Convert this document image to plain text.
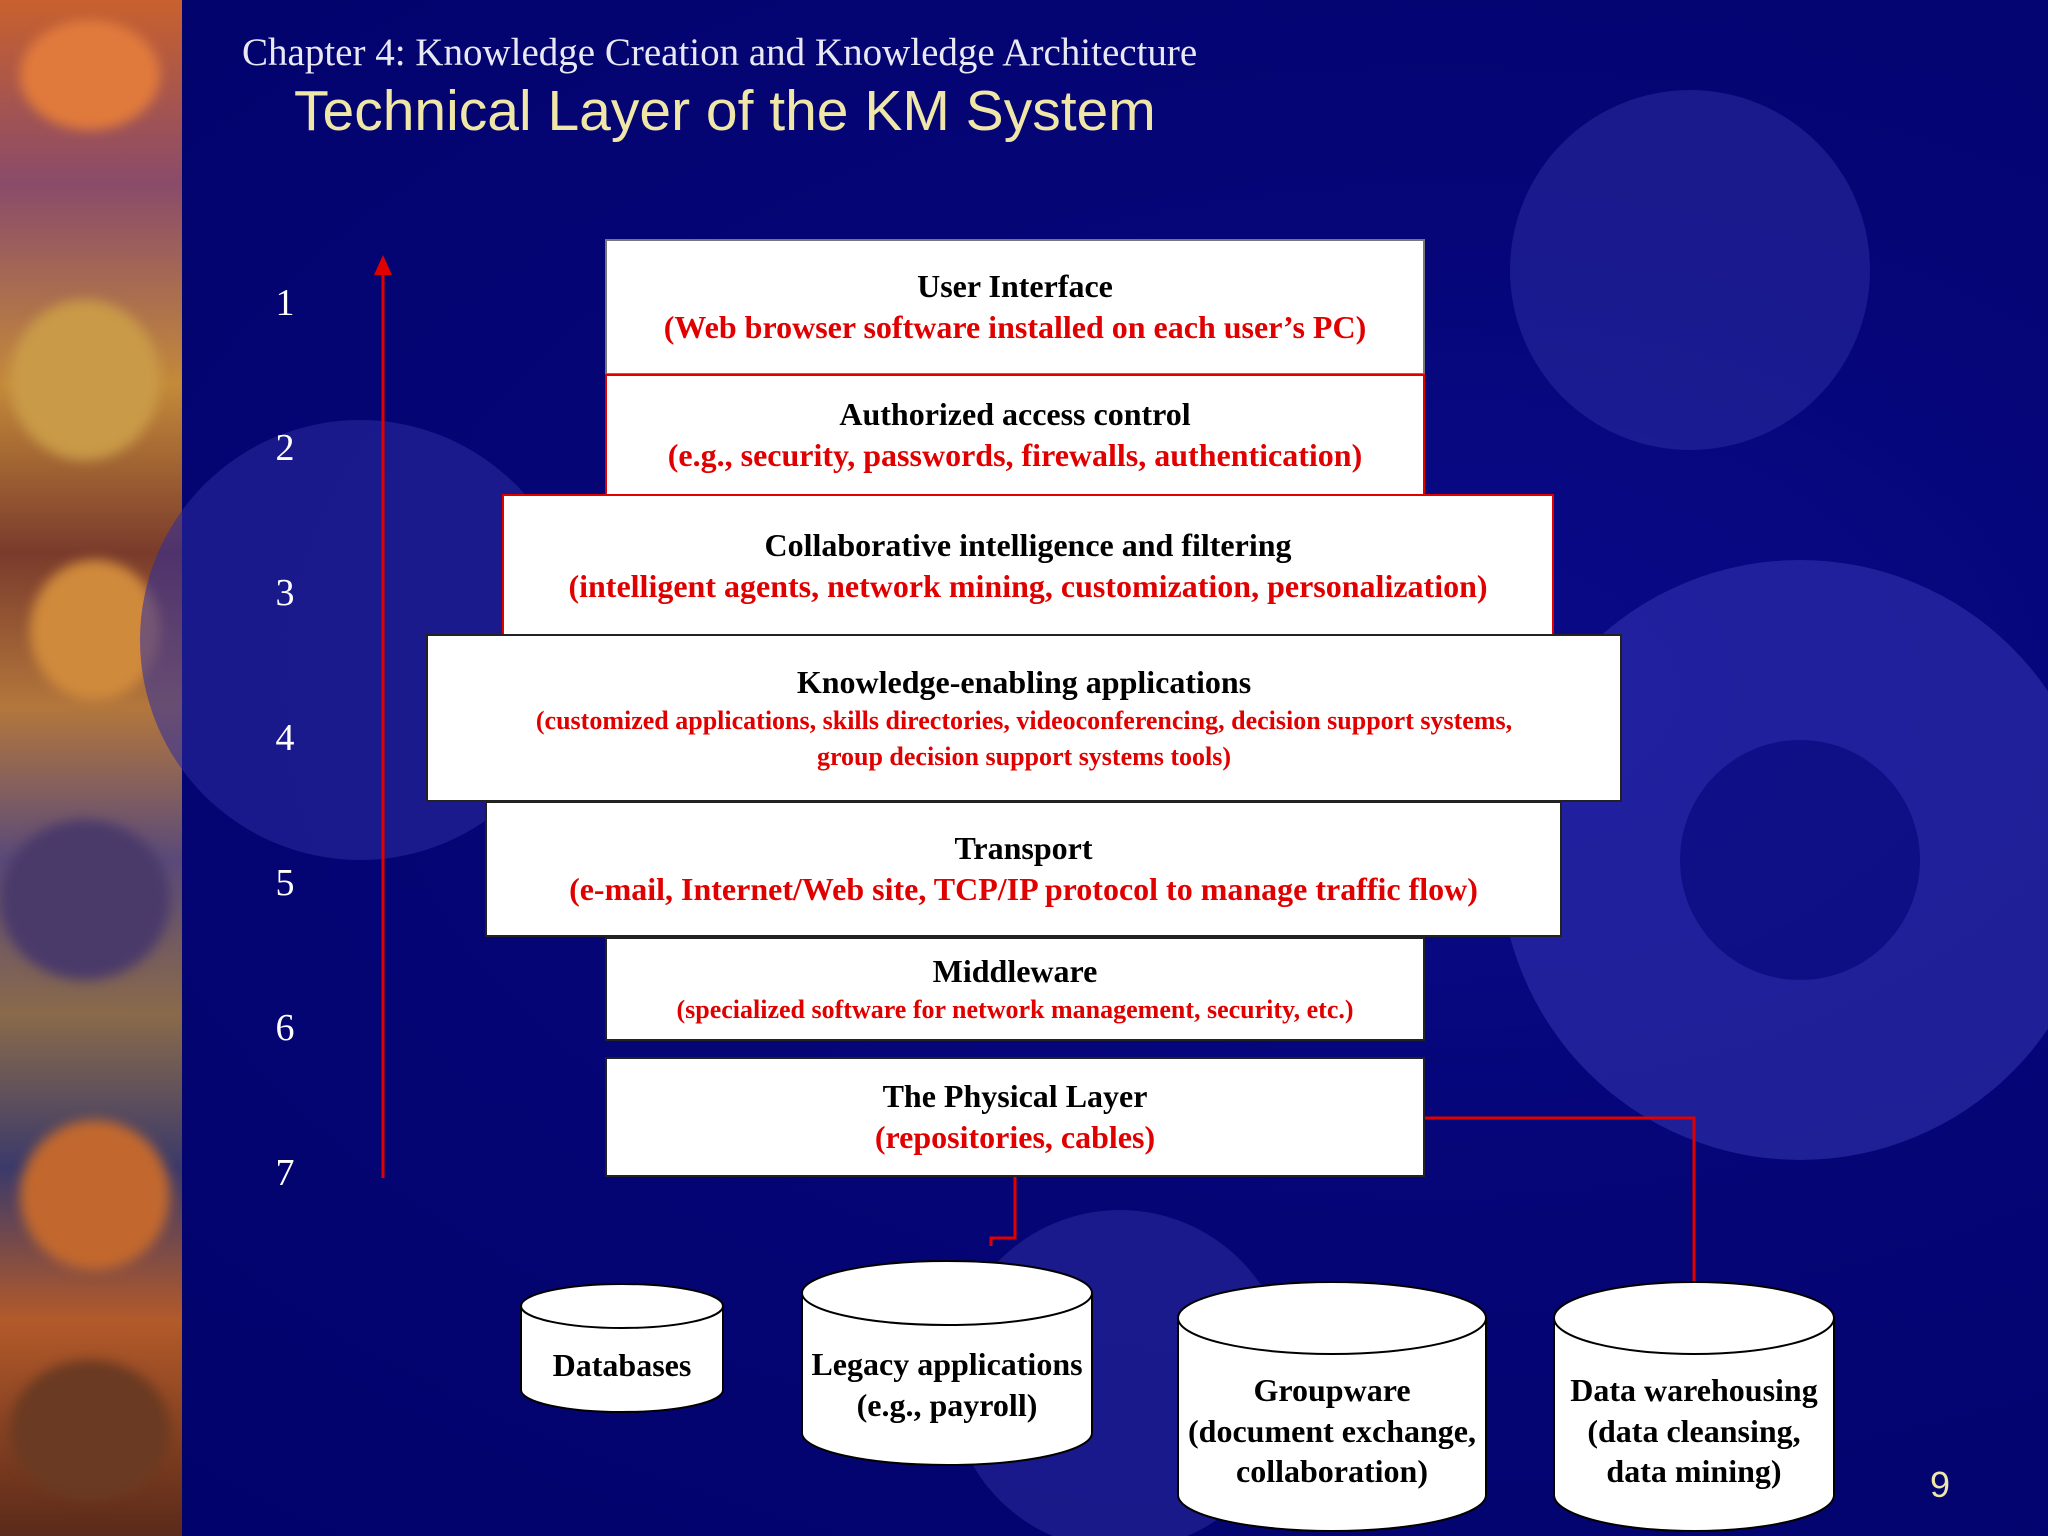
Chapter 4: Knowledge Creation and Knowledge Architecture
Technical Layer of the KM System
1
2
3
4
5
6
7
User Interface
(Web browser software installed on each user’s PC)
Authorized access control
(e.g., security, passwords, firewalls, authentication)
Collaborative intelligence and filtering
(intelligent agents, network mining, customization, personalization)
Knowledge-enabling applications
(customized applications, skills directories, videoconferencing, decision support systems,
group decision support systems tools)
Transport
(e-mail, Internet/Web site, TCP/IP protocol to manage traffic flow)
Middleware
(specialized software for network management, security, etc.)
The Physical Layer
(repositories, cables)
Databases	Legacy applications
(e.g., payroll)	Groupware
(document exchange,
collaboration)
Data warehousing
(data cleansing,
data mining)	9
